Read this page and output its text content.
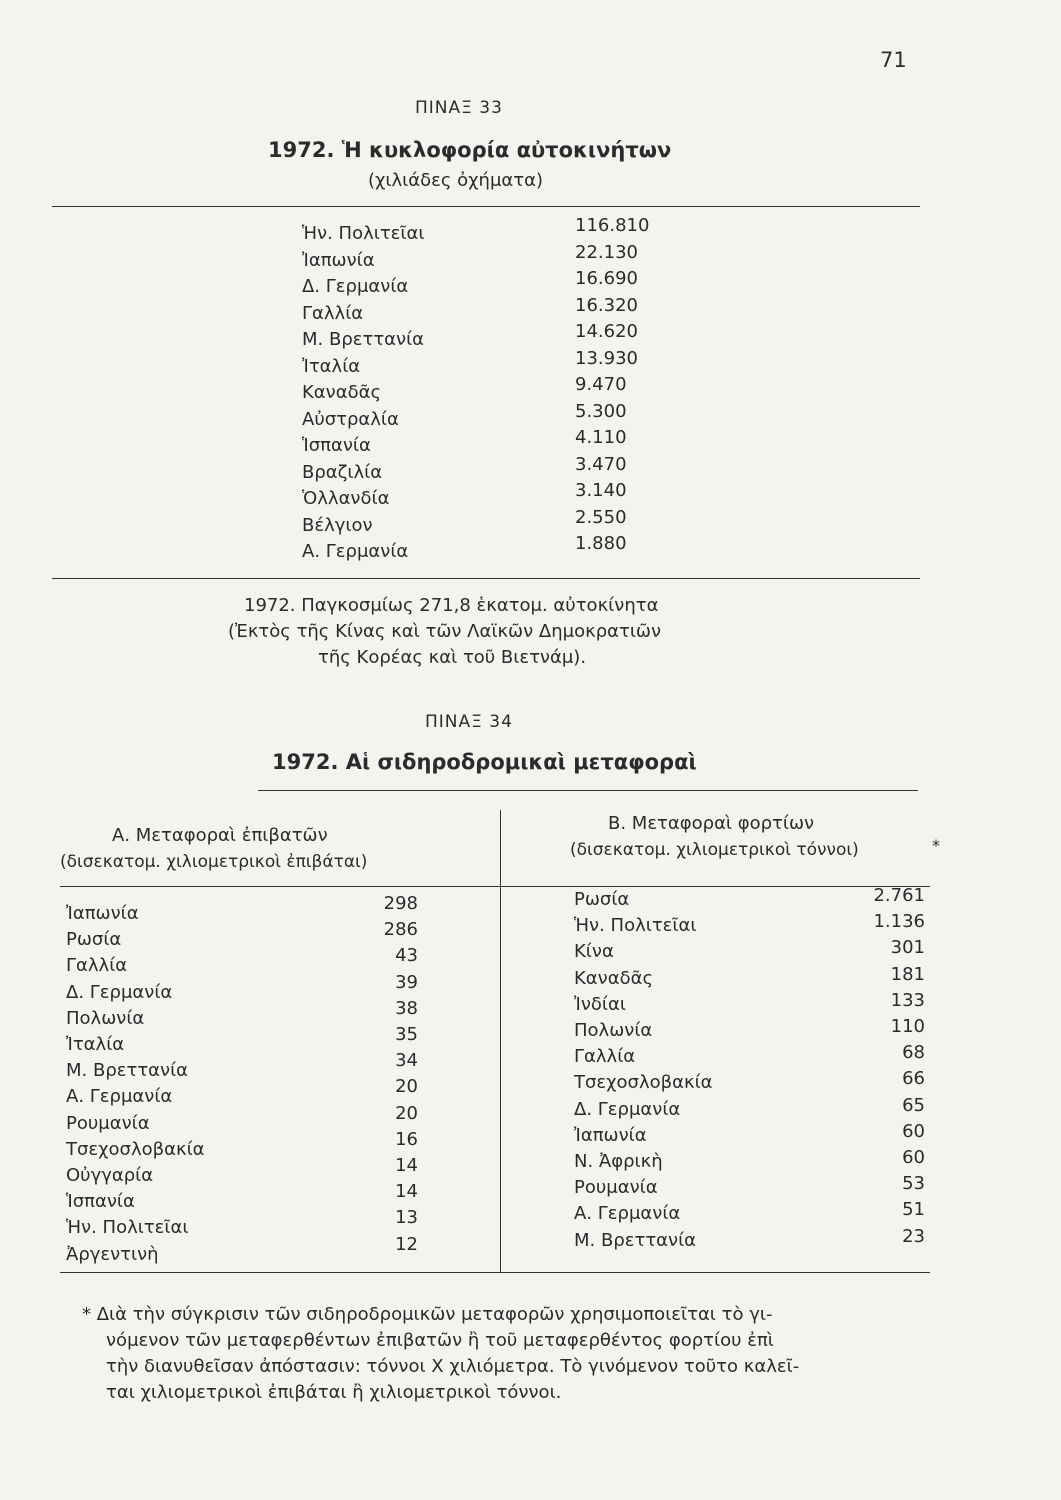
71
ΠΙΝΑΞ 33
1972. Ἡ κυκλοφορία αὐτοκινήτων
(χιλιάδες ὀχήματα)
Ἡν. Πολιτεῖαι	116.810
Ἰαπωνία	22.130
Δ. Γερμανία	16.690
Γαλλία	16.320
Μ. Βρεττανία	14.620
Ἰταλία	13.930
Καναδᾶς	9.470
Αὐστραλία	5.300
Ἱσπανία	4.110
Βραζιλία	3.470
Ὁλλανδία	3.140
Βέλγιον	2.550
Α. Γερμανία	1.880
1972. Παγκοσμίως 271,8 ἑκατομ. αὐτοκίνητα
(Ἐκτὸς τῆς Κίνας καὶ τῶν Λαϊκῶν Δημοκρατιῶν
τῆς Κορέας καὶ τοῦ Βιετνάμ).
ΠΙΝΑΞ 34
1972. Αἱ σιδηροδρομικαὶ μεταφοραὶ
Α. Μεταφοραὶ ἐπιβατῶν
(δισεκατομ. χιλιομετρικοὶ ἐπιβάται)
Β. Μεταφοραὶ φορτίων
(δισεκατομ. χιλιομετρικοὶ τόννοι)	*
Ἰαπωνία	298
Ρωσία	286
Γαλλία	43
Δ. Γερμανία	39
Πολωνία	38
Ἰταλία	35
Μ. Βρεττανία	34
Α. Γερμανία	20
Ρουμανία	20
Τσεχοσλοβακία	16
Οὐγγαρία	14
Ἱσπανία	14
Ἡν. Πολιτεῖαι	13
Ἀργεντινὴ	12
Ρωσία	2.761
Ἡν. Πολιτεῖαι	1.136
Κίνα	301
Καναδᾶς	181
Ἰνδίαι	133
Πολωνία	110
Γαλλία	68
Τσεχοσλοβακία	66
Δ. Γερμανία	65
Ἰαπωνία	60
Ν. Ἀφρικὴ	60
Ρουμανία	53
Α. Γερμανία	51
Μ. Βρεττανία	23
* Διὰ τὴν σύγκρισιν τῶν σιδηροδρομικῶν μεταφορῶν χρησιμοποιεῖται τὸ γι-
νόμενον τῶν μεταφερθέντων ἐπιβατῶν ἢ τοῦ μεταφερθέντος φορτίου ἐπὶ
τὴν διανυθεῖσαν ἀπόστασιν: τόννοι Χ χιλιόμετρα. Τὸ γινόμενον τοῦτο καλεῖ-
ται χιλιομετρικοὶ ἐπιβάται ἢ χιλιομετρικοὶ τόννοι.
